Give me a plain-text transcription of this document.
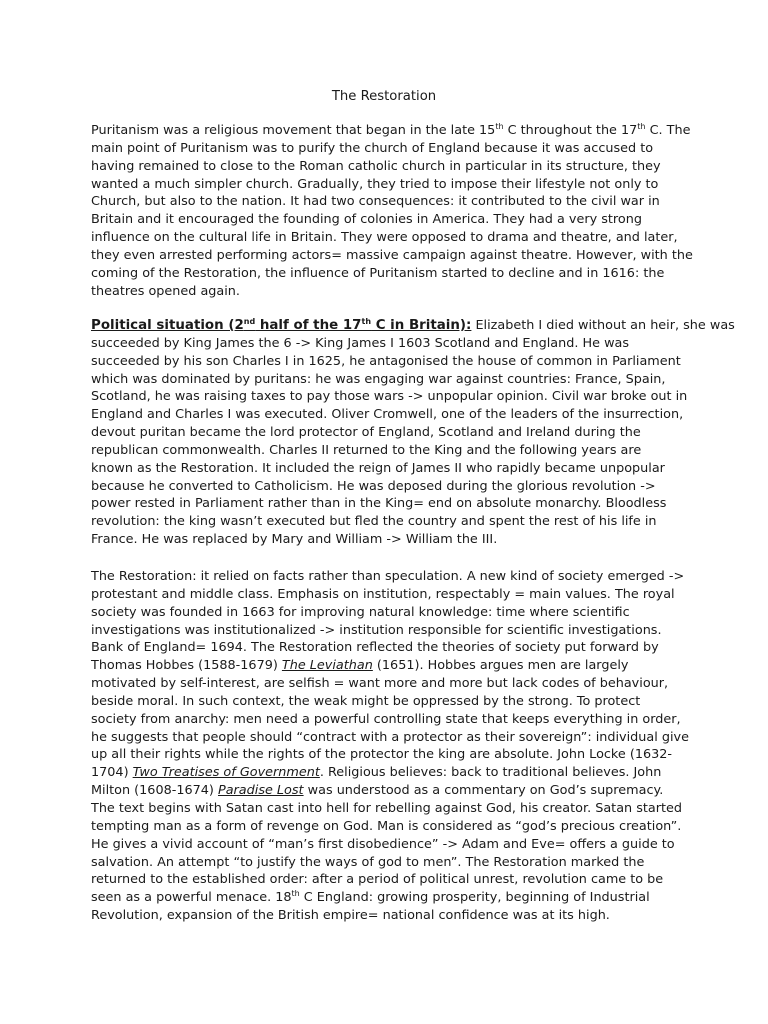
The Restoration

Puritanism was a religious movement that began in the late 15th C throughout the 17th C. The
main point of Puritanism was to purify the church of England because it was accused to
having remained to close to the Roman catholic church in particular in its structure, they
wanted a much simpler church. Gradually, they tried to impose their lifestyle not only to
Church, but also to the nation. It had two consequences: it contributed to the civil war in
Britain and it encouraged the founding of colonies in America. They had a very strong
influence on the cultural life in Britain. They were opposed to drama and theatre, and later,
they even arrested performing actors= massive campaign against theatre. However, with the
coming of the Restoration, the influence of Puritanism started to decline and in 1616: the
theatres opened again.

Political situation (2nd half of the 17th C in Britain): Elizabeth I died without an heir, she was
succeeded by King James the 6 -> King James I 1603 Scotland and England. He was
succeeded by his son Charles I in 1625, he antagonised the house of common in Parliament
which was dominated by puritans: he was engaging war against countries: France, Spain,
Scotland, he was raising taxes to pay those wars -> unpopular opinion. Civil war broke out in
England and Charles I was executed. Oliver Cromwell, one of the leaders of the insurrection,
devout puritan became the lord protector of England, Scotland and Ireland during the
republican commonwealth. Charles II returned to the King and the following years are
known as the Restoration. It included the reign of James II who rapidly became unpopular
because he converted to Catholicism. He was deposed during the glorious revolution ->
power rested in Parliament rather than in the King= end on absolute monarchy. Bloodless
revolution: the king wasn’t executed but fled the country and spent the rest of his life in
France. He was replaced by Mary and William -> William the III.

The Restoration: it relied on facts rather than speculation. A new kind of society emerged ->
protestant and middle class. Emphasis on institution, respectably = main values. The royal
society was founded in 1663 for improving natural knowledge: time where scientific
investigations was institutionalized -> institution responsible for scientific investigations.
Bank of England= 1694. The Restoration reflected the theories of society put forward by
Thomas Hobbes (1588-1679) The Leviathan (1651). Hobbes argues men are largely
motivated by self-interest, are selfish = want more and more but lack codes of behaviour,
beside moral. In such context, the weak might be oppressed by the strong. To protect
society from anarchy: men need a powerful controlling state that keeps everything in order,
he suggests that people should “contract with a protector as their sovereign”: individual give
up all their rights while the rights of the protector the king are absolute. John Locke (1632-
1704) Two Treatises of Government. Religious believes: back to traditional believes. John
Milton (1608-1674) Paradise Lost was understood as a commentary on God’s supremacy.
The text begins with Satan cast into hell for rebelling against God, his creator. Satan started
tempting man as a form of revenge on God. Man is considered as “god’s precious creation”.
He gives a vivid account of “man’s first disobedience” -> Adam and Eve= offers a guide to
salvation. An attempt “to justify the ways of god to men”. The Restoration marked the
returned to the established order: after a period of political unrest, revolution came to be
seen as a powerful menace. 18th C England: growing prosperity, beginning of Industrial
Revolution, expansion of the British empire= national confidence was at its high.
